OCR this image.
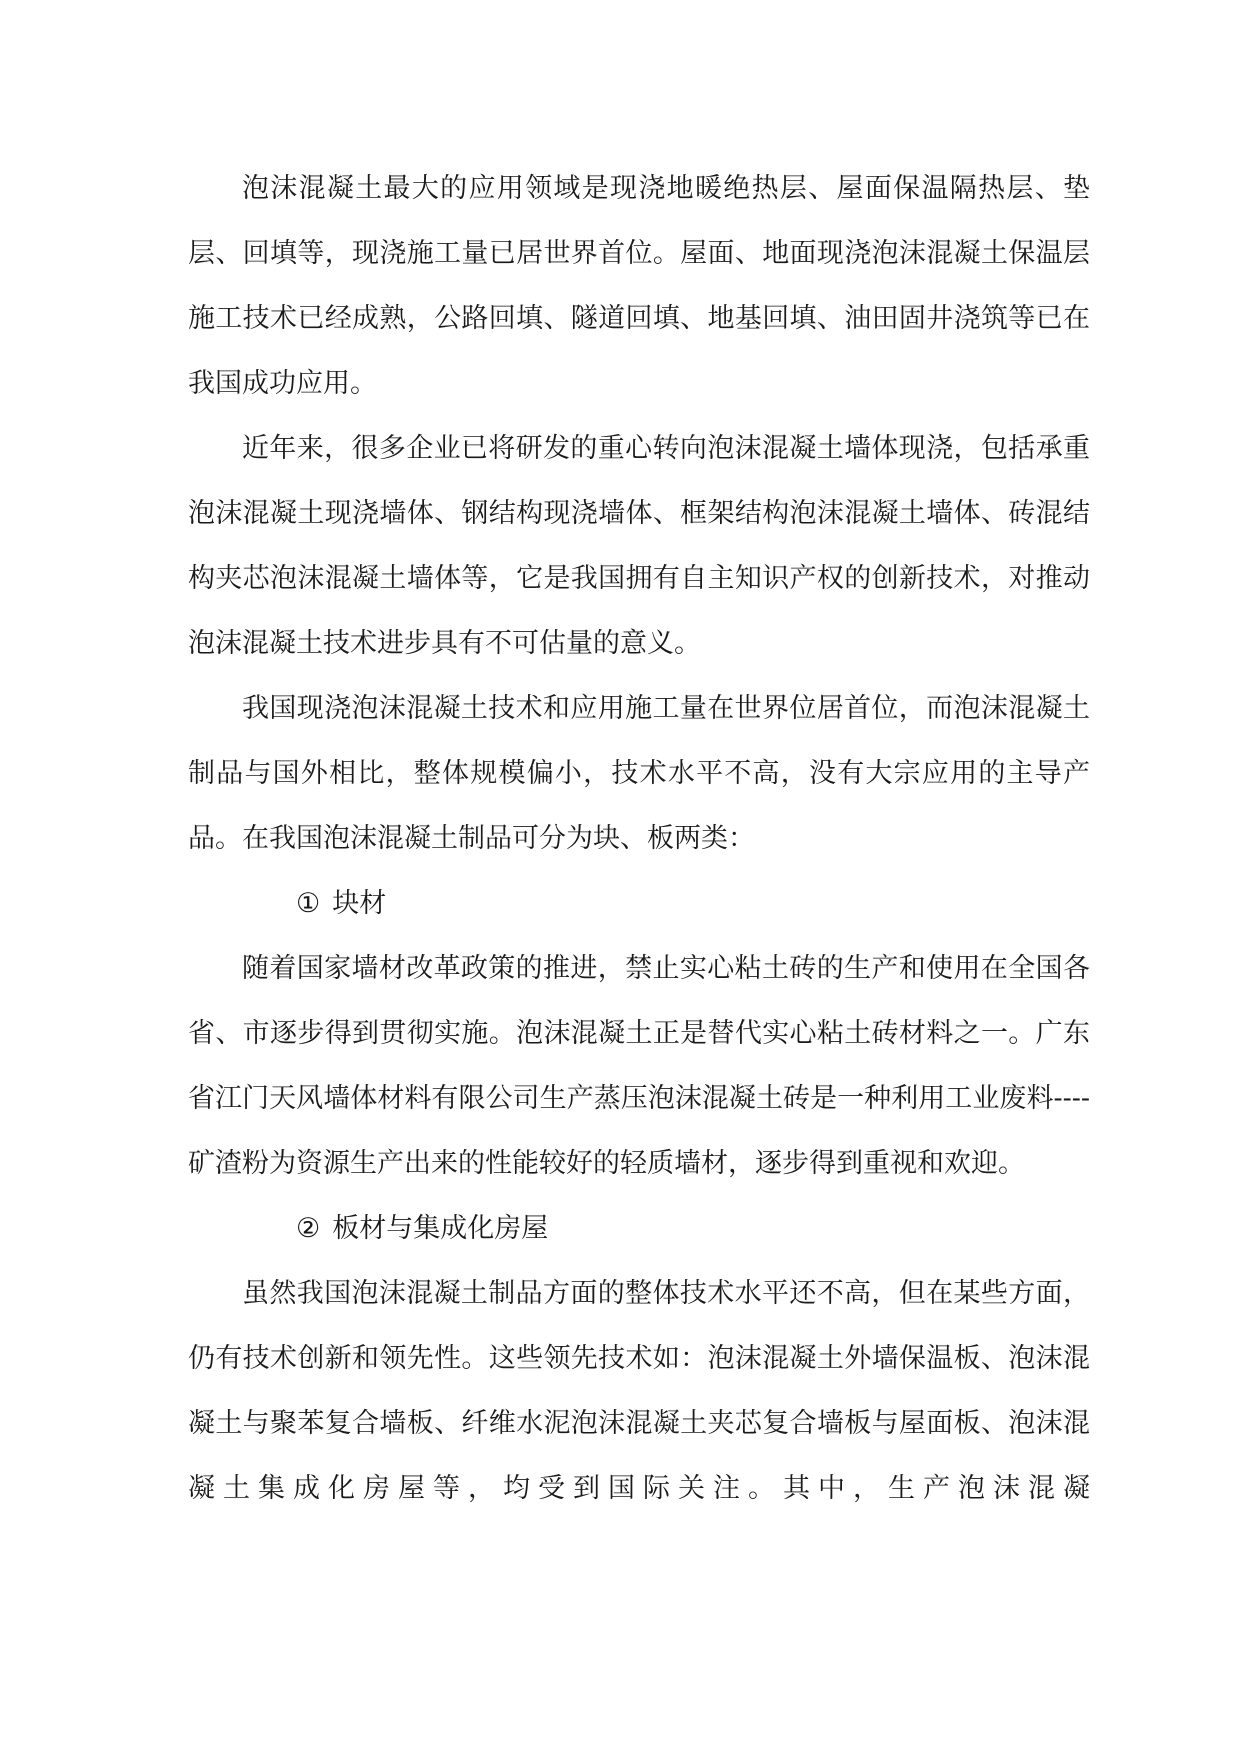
泡沫混凝土最大的应用领域是现浇地暖绝热层、屋面保温隔热层、垫层、回填等，现浇施工量已居世界首位。屋面、地面现浇泡沫混凝土保温层施工技术已经成熟，公路回填、隧道回填、地基回填、油田固井浇筑等已在我国成功应用。

近年来，很多企业已将研发的重心转向泡沫混凝土墙体现浇，包括承重泡沫混凝土现浇墙体、钢结构现浇墙体、框架结构泡沫混凝土墙体、砖混结构夹芯泡沫混凝土墙体等，它是我国拥有自主知识产权的创新技术，对推动泡沫混凝土技术进步具有不可估量的意义。

我国现浇泡沫混凝土技术和应用施工量在世界位居首位，而泡沫混凝土制品与国外相比，整体规模偏小，技术水平不高，没有大宗应用的主导产品。在我国泡沫混凝土制品可分为块、板两类：

① 块材

随着国家墙材改革政策的推进，禁止实心粘土砖的生产和使用在全国各省、市逐步得到贯彻实施。泡沫混凝土正是替代实心粘土砖材料之一。广东省江门天风墙体材料有限公司生产蒸压泡沫混凝土砖是一种利用工业废料----矿渣粉为资源生产出来的性能较好的轻质墙材，逐步得到重视和欢迎。

② 板材与集成化房屋

虽然我国泡沫混凝土制品方面的整体技术水平还不高，但在某些方面，仍有技术创新和领先性。这些领先技术如：泡沫混凝土外墙保温板、泡沫混凝土与聚苯复合墙板、纤维水泥泡沫混凝土夹芯复合墙板与屋面板、泡沫混凝土集成化房屋等，均受到国际关注。其中，生产泡沫混凝
